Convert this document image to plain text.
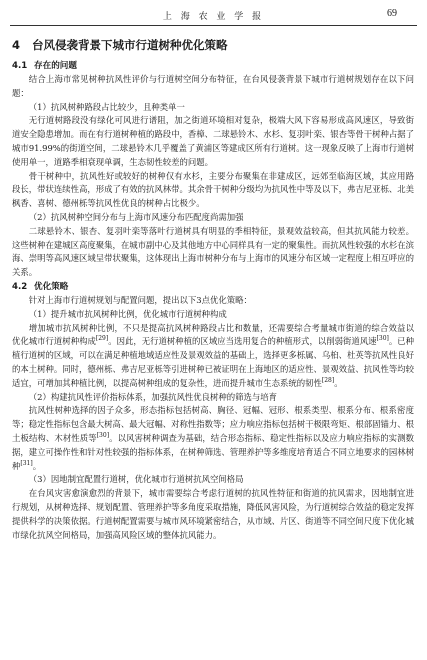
上 海 农 业 学 报	69
4 台风侵袭背景下城市行道树种优化策略
4.1 存在的问题

结合上海市常见树种抗风性评价与行道树空间分布特征，在台风侵袭背景下城市行道树规划存在以下问题：

（1）抗风树种路段占比较少，且种类单一

无行道树路段没有绿化可风进行谱阻，加之街道环境相对复杂，极端大风下容易形成高风速区，导致街道安全隐患增加。而在有行道树种植的路段中，香樟、二球悬铃木、水杉、复羽叶栾、银杏等骨干树种占据了城市91.99%的街道空间，二球悬铃木几乎覆盖了黄浦区等建成区所有行道树。这一现象反映了上海市行道树使用单一，道路季相衰现单调，生态韧性较差的问题。

骨干树种中，抗风性好或较好的树种仅有水杉，主要分布聚集在非建成区，远郊至临海区域，其应用路段长，带状连续性高，形成了有效的抗风林带。其余骨干树种分级均为抗风性中等及以下，弗吉尼亚栎、北美枫香、喜树、德州栎等抗风性优良的树种占比极少。

（2）抗风树种空间分布与上海市风速分布匹配度尚需加强

二球悬铃木、银杏、复羽叶栾等落叶行道树具有明显的季相特征，景观效益较高，但其抗风能力较差。这些树种在建城区高度聚集，在城市副中心及其他地方中心同样具有一定的聚集性。而抗风性较强的水杉在滨海、崇明等高风速区域呈带状聚集，这体现出上海市树种分布与上海市的风速分布区域一定程度上相互呼应的关系。

4.2 优化策略

针对上海市行道树规划与配置问题，提出以下3点优化策略：

（1）提升城市抗风树种比例，优化城市行道树种构成

增加城市抗风树种比例，不只是提高抗风树种路段占比和数量，还需要综合考量城市街道的综合效益以优化城市行道树种构成[29]。因此，无行道树种植的区域应当选用复合的种植形式，以削弱街道风速[30]。已种植行道树的区域，可以在满足种植地域适应性及景观效益的基础上，选择更多栎属、乌桕、杜英等抗风性良好的本土树种。同时，德州栎、弗吉尼亚栎等引进树种已被证明在上海地区的适应性、景观效益、抗风性等均较适宜，可增加其种植比例，以提高树种组成的复杂性，进而提升城市生态系统的韧性[28]。

（2）构建抗风性评价指标体系，加强抗风性优良树种的筛选与培育

抗风性树种选择的因子众多，形态指标包括树高、胸径、冠幅、冠形、根系类型、根系分布、根系密度等；稳定性指标包含最大树高、最大冠幅、对称性指数等；应力响应指标包括树干极限弯矩、根部固锚力、根土板结构、木材性质等[30]。以风害树种调查为基础，结合形态指标、稳定性指标以及应力响应指标的实测数据，建立可操作性和针对性较强的指标体系，在树种筛选、管理养护等多维度培育适合不同立地要求的园林树种[31]。

（3）因地制宜配置行道树，优化城市行道树抗风空间格局

在台风灾害愈演愈烈的背景下，城市需要综合考虑行道树的抗风性特征和街道的抗风需求，因地制宜进行规划，从树种选择、规划配置、管理养护等多角度采取措施，降低风害风险，为行道树综合效益的稳定发挥提供科学的决策依据。行道树配置需要与城市风环境紧密结合，从市域、片区、街道等不同空间尺度下优化城市绿化抗风空间格局，加强高风险区域的整体抗风能力。
